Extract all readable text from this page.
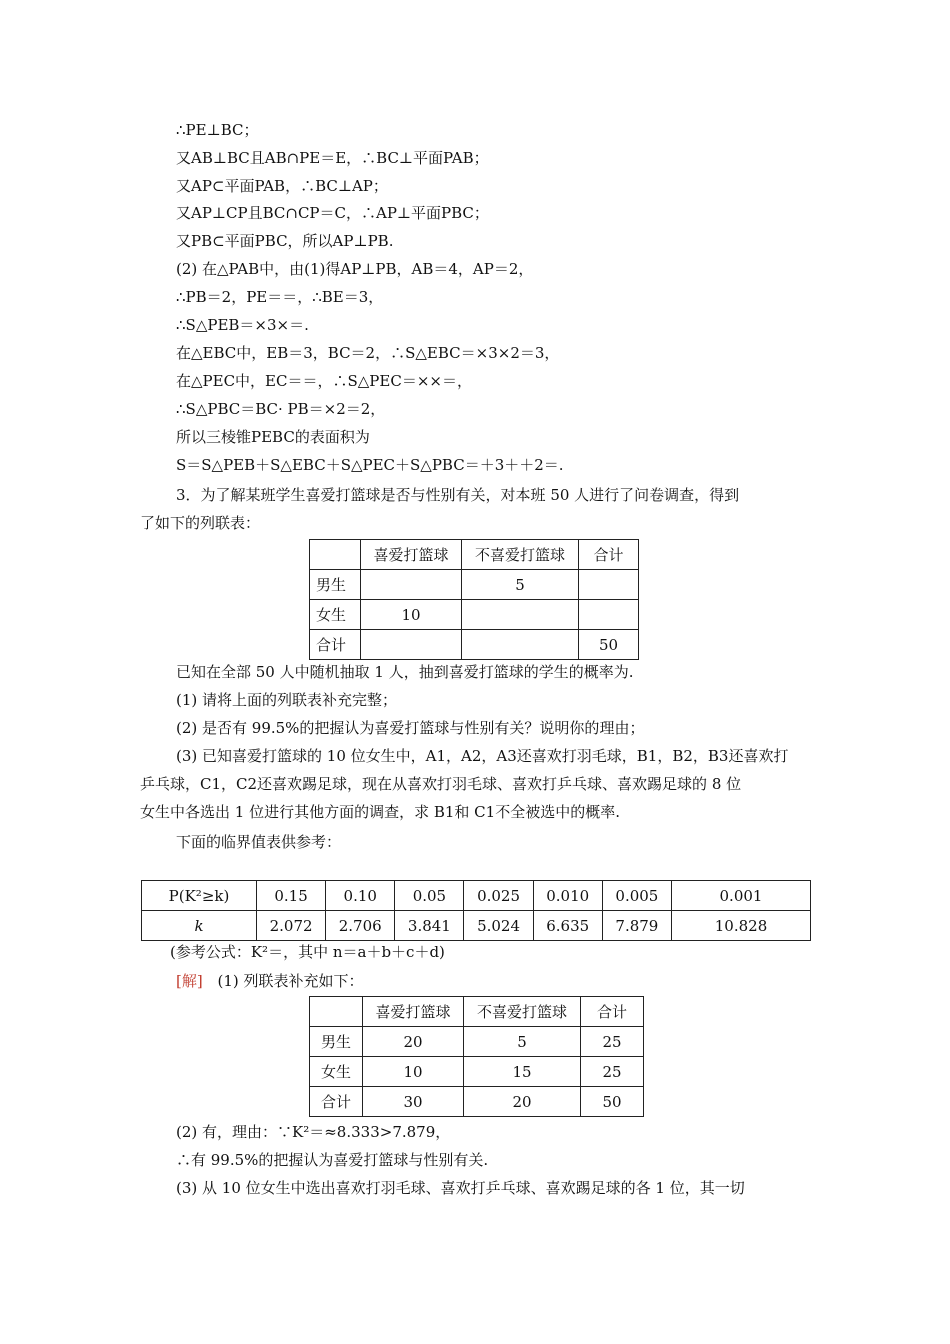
∴PE⊥BC；
又AB⊥BC且AB∩PE＝E，∴BC⊥平面PAB；
又AP⊂平面PAB，∴BC⊥AP；
又AP⊥CP且BC∩CP＝C，∴AP⊥平面PBC；
又PB⊂平面PBC，所以AP⊥PB.
(2) 在△PAB中，由(1)得AP⊥PB，AB＝4，AP＝2，
∴PB＝2，PE＝＝，∴BE＝3，
∴S△PEB＝×3×＝.
在△EBC中，EB＝3，BC＝2，∴S△EBC＝×3×2＝3，
在△PEC中，EC＝＝，∴S△PEC＝××＝，
∴S△PBC＝BC· PB＝×2＝2，
所以三棱锥PEBC的表面积为
S＝S△PEB＋S△EBC＋S△PEC＋S△PBC＝＋3＋＋2＝.
3．为了解某班学生喜爱打篮球是否与性别有关，对本班 50 人进行了问卷调查，得到
了如下的列联表：
	喜爱打篮球	不喜爱打篮球	合计
男生		5	
女生	10		
合计			50
已知在全部 50 人中随机抽取 1 人，抽到喜爱打篮球的学生的概率为.
(1) 请将上面的列联表补充完整；
(2) 是否有 99.5%的把握认为喜爱打篮球与性别有关？说明你的理由；
(3) 已知喜爱打篮球的 10 位女生中，A1，A2，A3还喜欢打羽毛球，B1，B2，B3还喜欢打
乒乓球，C1，C2还喜欢踢足球，现在从喜欢打羽毛球、喜欢打乒乓球、喜欢踢足球的 8 位
女生中各选出 1 位进行其他方面的调查，求 B1和 C1不全被选中的概率.
下面的临界值表供参考：
P(K²≥k)	0.15	0.10	0.05	0.025	0.010	0.005	0.001
k	2.072	2.706	3.841	5.024	6.635	7.879	10.828
(参考公式：K²＝，其中 n＝a＋b＋c＋d)
[解] (1) 列联表补充如下：
	喜爱打篮球	不喜爱打篮球	合计
男生	20	5	25
女生	10	15	25
合计	30	20	50
(2) 有，理由：∵K²＝≈8.333>7.879，
∴有 99.5%的把握认为喜爱打篮球与性别有关.
(3) 从 10 位女生中选出喜欢打羽毛球、喜欢打乒乓球、喜欢踢足球的各 1 位，其一切
